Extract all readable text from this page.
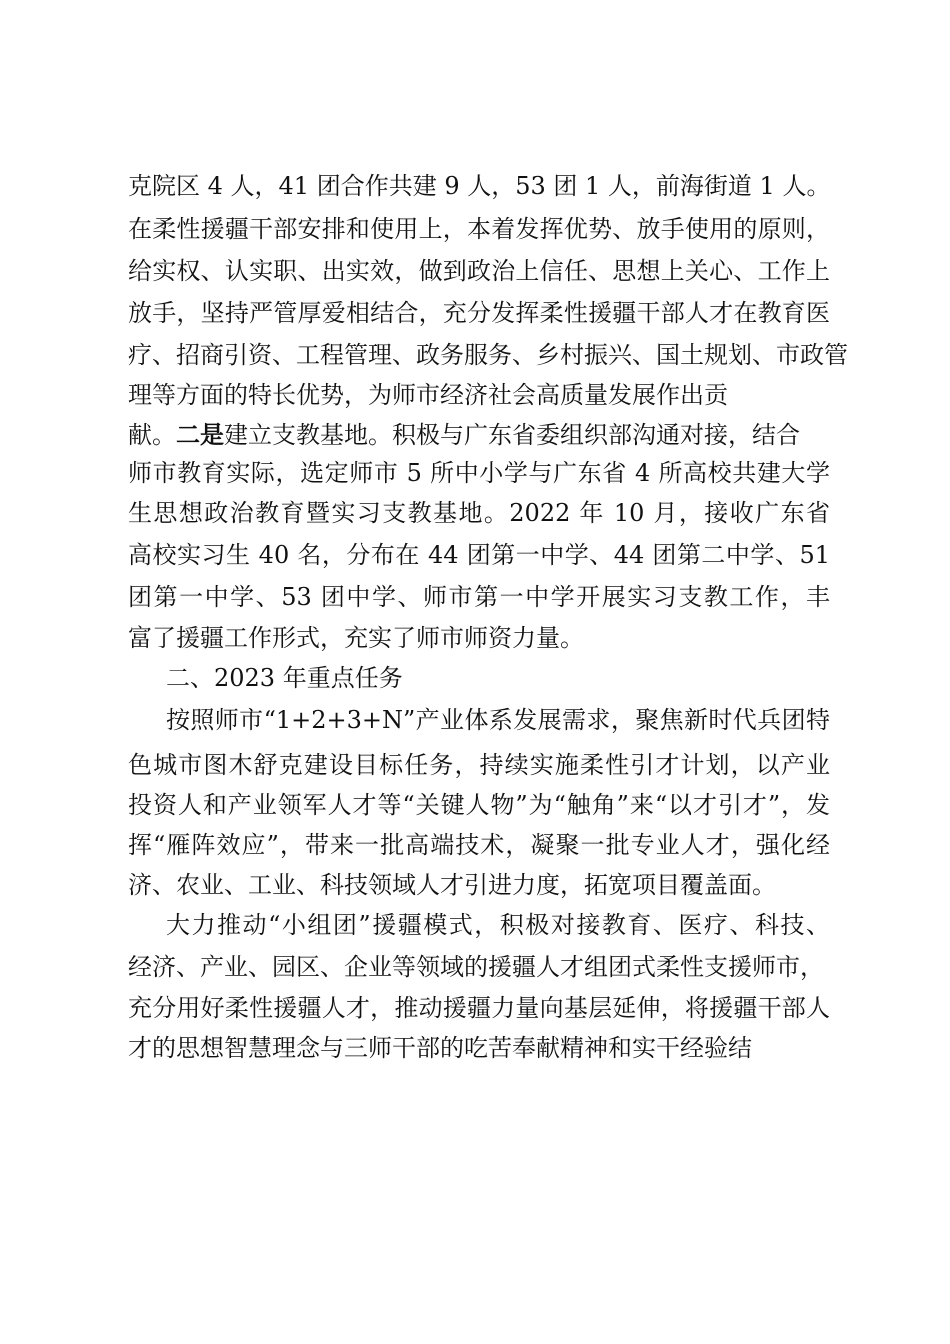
克院区 4 人，41 团合作共建 9 人，53 团 1 人，前海街道 1 人。
在柔性援疆干部安排和使用上，本着发挥优势、放手使用的原则，
给实权、认实职、出实效，做到政治上信任、思想上关心、工作上
放手，坚持严管厚爱相结合，充分发挥柔性援疆干部人才在教育医
疗、招商引资、工程管理、政务服务、乡村振兴、国土规划、市政管
理等方面的特长优势，为师市经济社会高质量发展作出贡
献。二是建立支教基地。积极与广东省委组织部沟通对接，结合
师市教育实际，选定师市 5 所中小学与广东省 4 所高校共建大学
生思想政治教育暨实习支教基地。2022 年 10 月，接收广东省
高校实习生 40 名，分布在 44 团第一中学、44 团第二中学、51
团第一中学、53 团中学、师市第一中学开展实习支教工作，丰
富了援疆工作形式，充实了师市师资力量。
二、2023 年重点任务
按照师市“1+2+3+N”产业体系发展需求，聚焦新时代兵团特
色城市图木舒克建设目标任务，持续实施柔性引才计划，以产业
投资人和产业领军人才等“关键人物”为“触角”来“以才引才”，发
挥“雁阵效应”，带来一批高端技术，凝聚一批专业人才，强化经
济、农业、工业、科技领域人才引进力度，拓宽项目覆盖面。
大力推动“小组团”援疆模式，积极对接教育、医疗、科技、
经济、产业、园区、企业等领域的援疆人才组团式柔性支援师市，
充分用好柔性援疆人才，推动援疆力量向基层延伸，将援疆干部人
才的思想智慧理念与三师干部的吃苦奉献精神和实干经验结
